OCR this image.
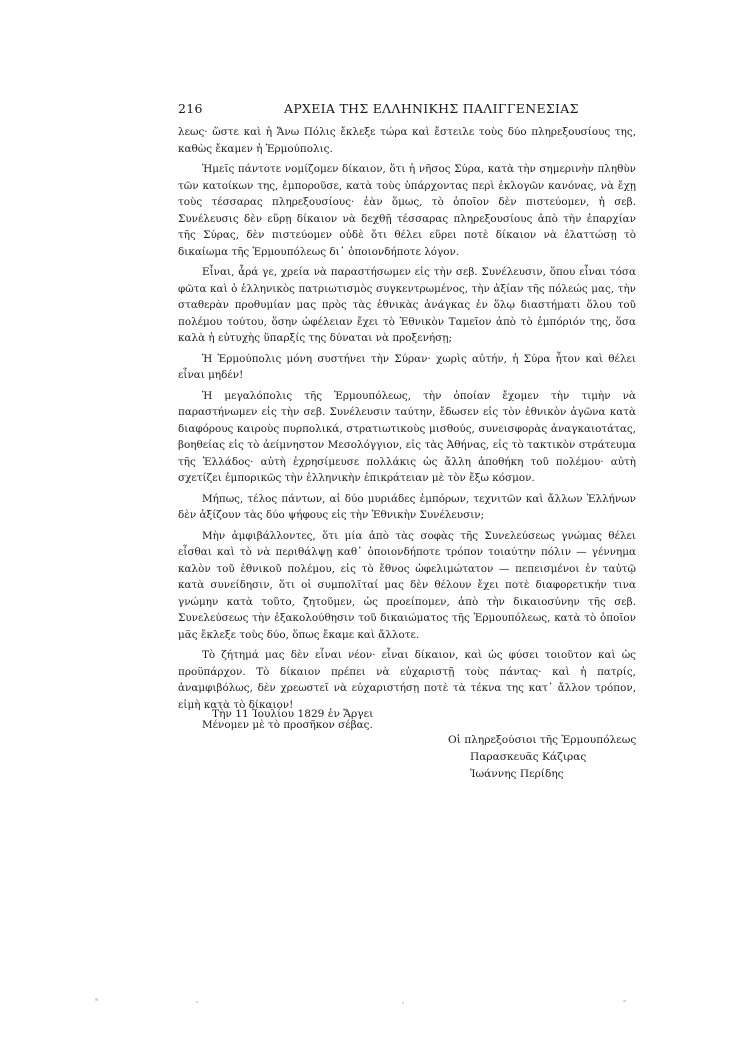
216	ΑΡΧΕΙΑ ΤΗΣ ΕΛΛΗΝΙΚΗΣ ΠΑΛΙΓΓΕΝΕΣΙΑΣ

λεως· ὥστε καὶ ἡ Ἄνω Πόλις ἔκλεξε τώρα καὶ ἔστειλε τοὺς δύο πληρεξουσίους της, καθὼς ἔκαμεν ἡ Ἑρμούπολις.

Ἡμεῖς πάντοτε νομίζομεν δίκαιον, ὅτι ἡ νῆσος Σύρα, κατὰ τὴν σημερινὴν πληθὺν τῶν κατοίκων της, ἐμποροῦσε, κατὰ τοὺς ὑπάρχοντας περὶ ἐκλογῶν κανόνας, νὰ ἔχῃ τοὺς τέσσαρας πληρεξουσίους· ἐὰν ὅμως, τὸ ὁποῖον δὲν πιστεύομεν, ἡ σεβ. Συνέλευσις δὲν εὕρῃ δίκαιον νὰ δεχθῇ τέσσαρας πληρεξουσίους ἀπὸ τὴν ἐπαρχίαν τῆς Σύρας, δὲν πιστεύομεν οὐδὲ ὅτι θέλει εὕρει ποτὲ δίκαιον νὰ ἐλαττώσῃ τὸ δικαίωμα τῆς Ἑρμουπόλεως δι᾽ ὁποιονδήποτε λόγον.

Εἶναι, ἆρά γε, χρεία νὰ παραστήσωμεν εἰς τὴν σεβ. Συνέλευσιν, ὅπου εἶναι τόσα φῶτα καὶ ὁ ἑλληνικὸς πατριωτισμὸς συγκεντρωμένος, τὴν ἀξίαν τῆς πόλεώς μας, τὴν σταθερὰν προθυμίαν μας πρὸς τὰς ἐθνικὰς ἀνάγκας ἐν ὅλῳ διαστήματι ὅλου τοῦ πολέμου τούτου, ὅσην ὠφέλειαν ἔχει τὸ Ἐθνικὸν Ταμεῖον ἀπὸ τὸ ἐμπόριόν της, ὅσα καλὰ ἡ εὐτυχὴς ὕπαρξίς της δύναται νὰ προξενήσῃ;

Ἡ Ἑρμούπολις μόνη συστήνει τὴν Σύραν· χωρὶς αὐτήν, ἡ Σύρα ἦτον καὶ θέλει εἶναι μηδέν!

Ἡ μεγαλόπολις τῆς Ἑρμουπόλεως, τὴν ὁποίαν ἔχομεν τὴν τιμὴν νὰ παραστήνωμεν εἰς τὴν σεβ. Συνέλευσιν ταύτην, ἔδωσεν εἰς τὸν ἐθνικὸν ἀγῶνα κατὰ διαφόρους καιροὺς πυρπολικά, στρατιωτικοὺς μισθούς, συνεισφορὰς ἀναγκαιοτάτας, βοηθείας εἰς τὸ ἀείμνηστον Μεσολόγγιον, εἰς τὰς Ἀθήνας, εἰς τὸ τακτικὸν στράτευμα τῆς Ἑλλάδος· αὐτὴ ἐχρησίμευσε πολλάκις ὡς ἄλλη ἀποθήκη τοῦ πολέμου· αὐτὴ σχετίζει ἐμπορικῶς τὴν ἑλληνικὴν ἐπικράτειαν μὲ τὸν ἔξω κόσμον.

Μήπως, τέλος πάντων, αἱ δύο μυριάδες ἐμπόρων, τεχνιτῶν καὶ ἄλλων Ἑλλήνων δὲν ἀξίζουν τὰς δύο ψήφους εἰς τὴν Ἐθνικὴν Συνέλευσιν;

Μὴν ἀμφιβάλλοντες, ὅτι μία ἀπὸ τὰς σοφὰς τῆς Συνελεύσεως γνώμας θέλει εἶσθαι καὶ τὸ νὰ περιθάλψῃ καθ᾽ ὁποιονδήποτε τρόπον τοιαύτην πόλιν — γέννημα καλὸν τοῦ ἐθνικοῦ πολέμου, εἰς τὸ ἔθνος ὠφελιμώτατον — πεπεισμένοι ἐν ταὐτῷ κατὰ συνείδησιν, ὅτι οἱ συμπολῖταί μας δὲν θέλουν ἔχει ποτὲ διαφορετικήν τινα γνώμην κατὰ τοῦτο, ζητοῦμεν, ὡς προείπομεν, ἀπὸ τὴν δικαιοσύνην τῆς σεβ. Συνελεύσεως τὴν ἐξακολούθησιν τοῦ δικαιώματος τῆς Ἑρμουπόλεως, κατὰ τὸ ὁποῖον μᾶς ἔκλεξε τοὺς δύο, ὅπως ἔκαμε καὶ ἄλλοτε.

Τὸ ζήτημά μας δὲν εἶναι νέον· εἶναι δίκαιον, καὶ ὡς φύσει τοιοῦτον καὶ ὡς προϋπάρχον. Τὸ δίκαιον πρέπει νὰ εὐχαριστῇ τοὺς πάντας· καὶ ἡ πατρίς, ἀναμφιβόλως, δὲν χρεωστεῖ νὰ εὐχαριστήσῃ ποτὲ τὰ τέκνα της κατ᾽ ἄλλον τρόπον, εἰμὴ κατὰ τὸ δίκαιον!

Μένομεν μὲ τὸ προσῆκον σέβας.

Τὴν 11 Ἰουλίου 1829 ἐν Ἄργει
Οἱ πληρεξούσιοι τῆς Ἑρμουπόλεως
Παρασκευᾶς Κάζιρας
Ἰωάννης Περίδης
